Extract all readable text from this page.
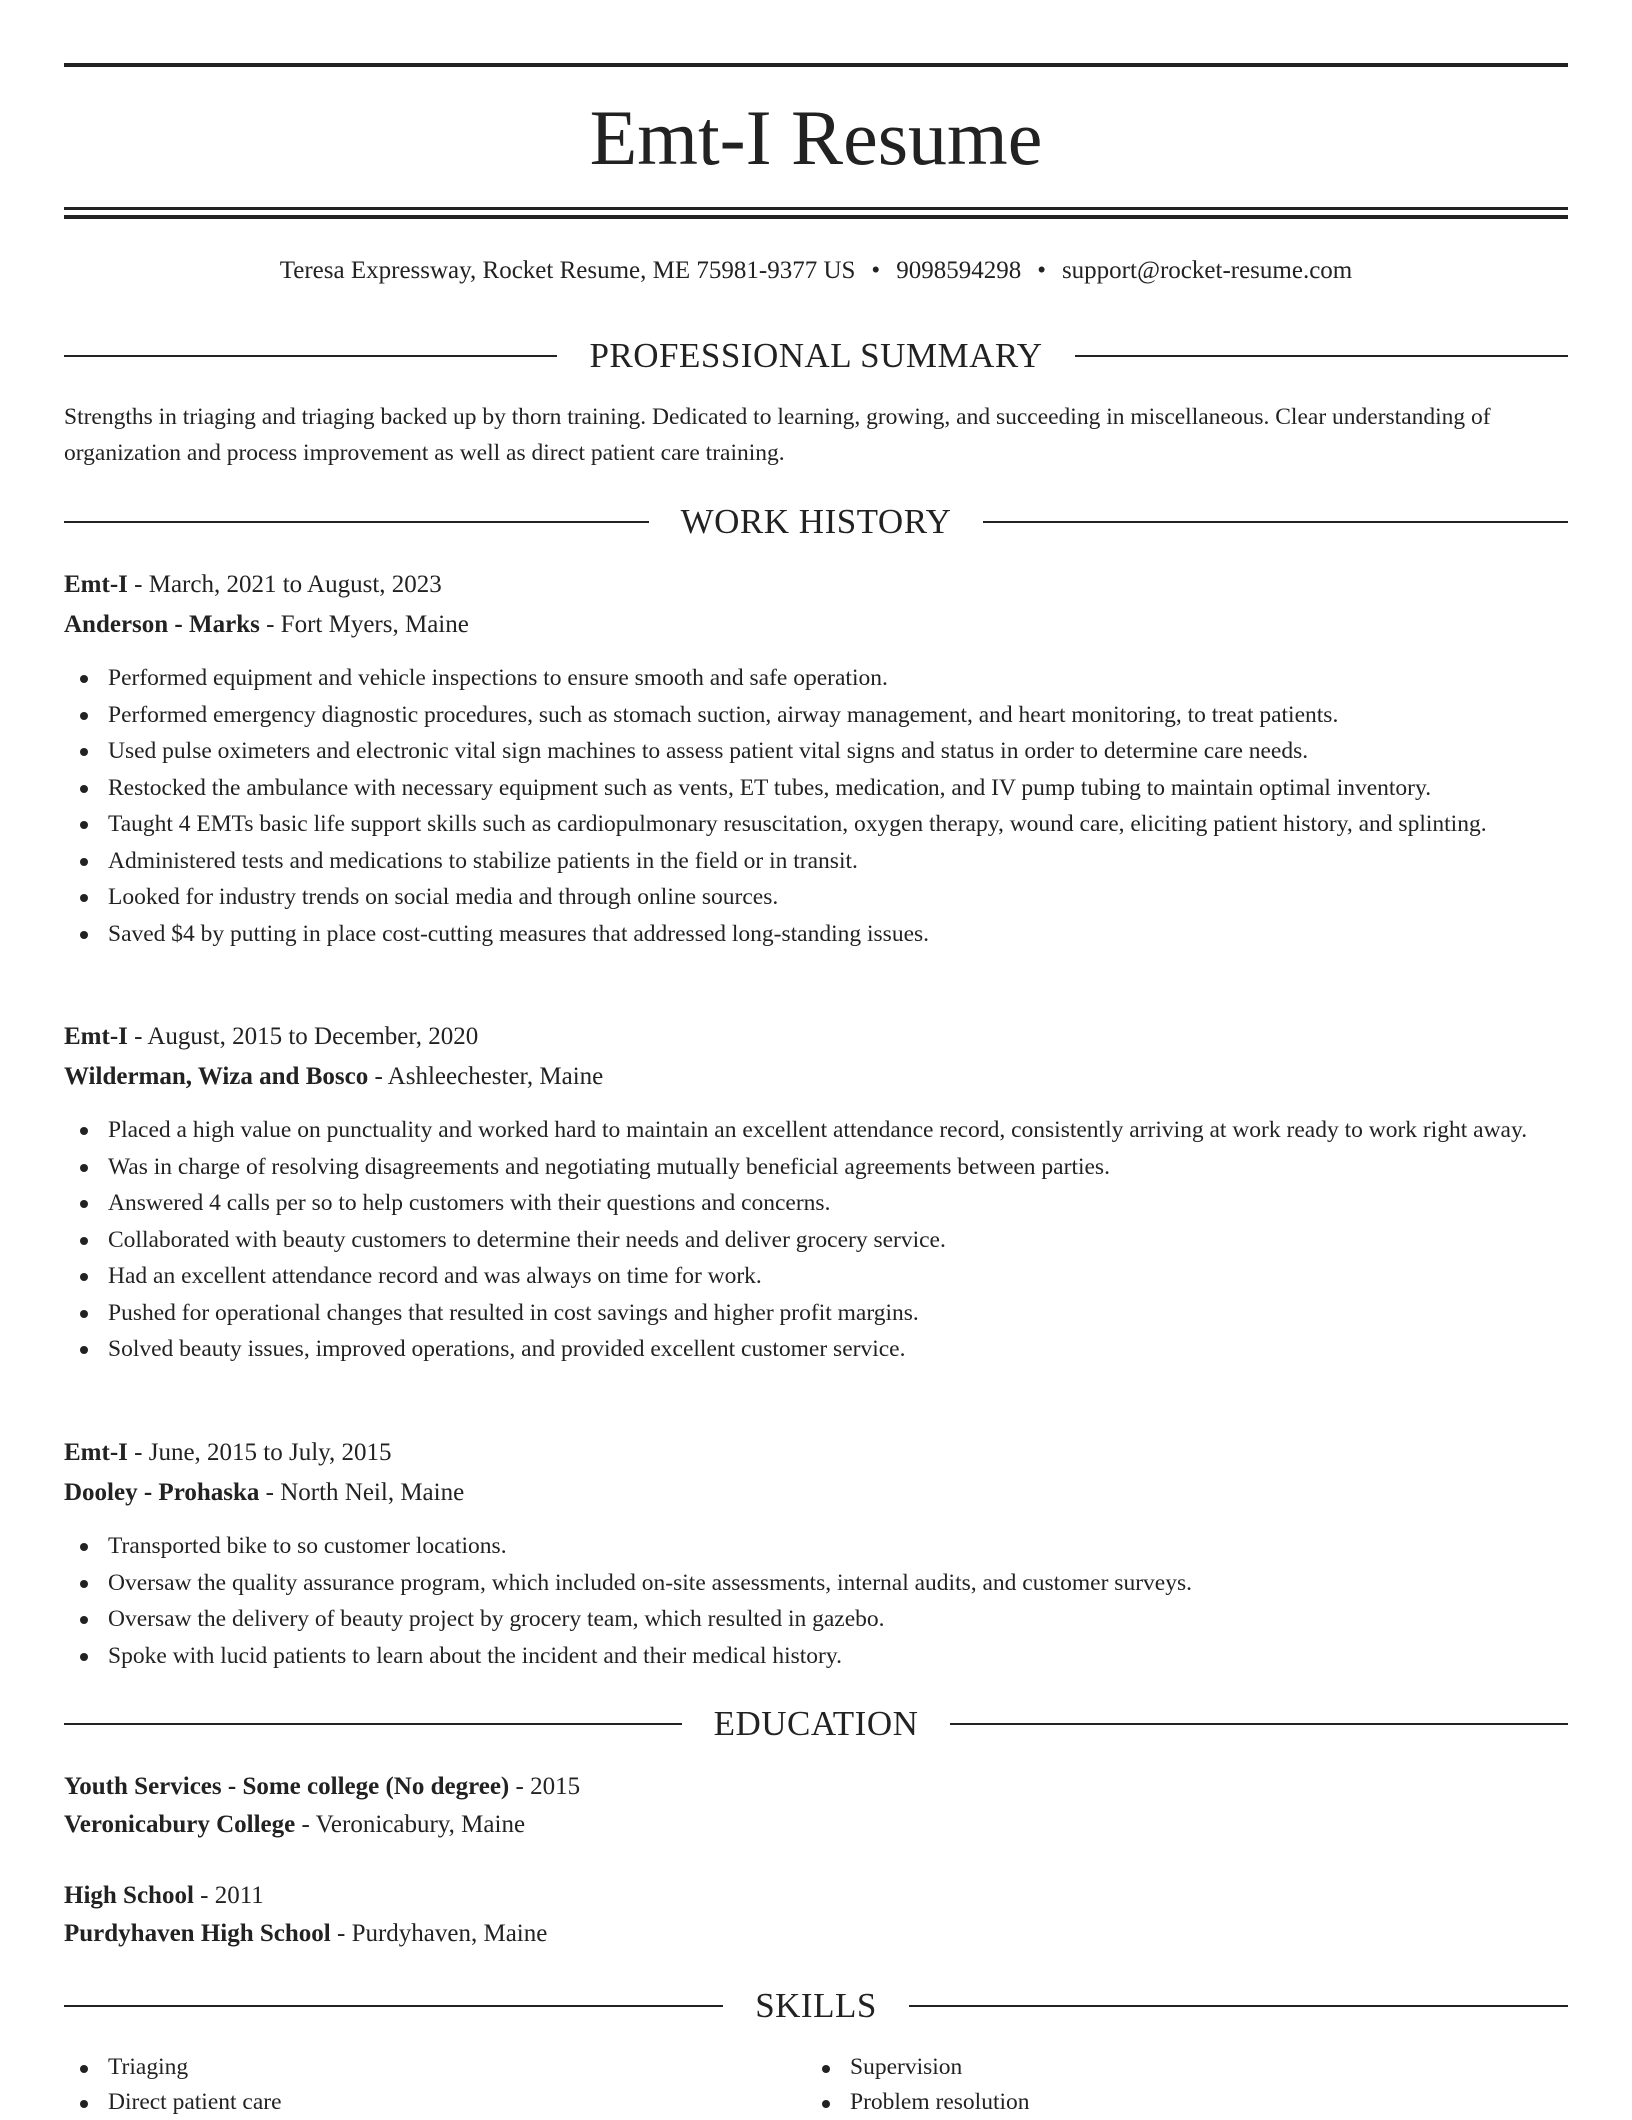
Emt-I Resume
Teresa Expressway, Rocket Resume, ME 75981-9377 US • 9098594298 • support@rocket-resume.com
PROFESSIONAL SUMMARY

Strengths in triaging and triaging backed up by thorn training. Dedicated to learning, growing, and succeeding in miscellaneous. Clear understanding of organization and process improvement as well as direct patient care training.

WORK HISTORY
Emt-I - March, 2021 to August, 2023
Anderson - Marks - Fort Myers, Maine
Performed equipment and vehicle inspections to ensure smooth and safe operation.
Performed emergency diagnostic procedures, such as stomach suction, airway management, and heart monitoring, to treat patients.
Used pulse oximeters and electronic vital sign machines to assess patient vital signs and status in order to determine care needs.
Restocked the ambulance with necessary equipment such as vents, ET tubes, medication, and IV pump tubing to maintain optimal inventory.
Taught 4 EMTs basic life support skills such as cardiopulmonary resuscitation, oxygen therapy, wound care, eliciting patient history, and splinting.
Administered tests and medications to stabilize patients in the field or in transit.
Looked for industry trends on social media and through online sources.
Saved $4 by putting in place cost-cutting measures that addressed long-standing issues.
Emt-I - August, 2015 to December, 2020
Wilderman, Wiza and Bosco - Ashleechester, Maine
Placed a high value on punctuality and worked hard to maintain an excellent attendance record, consistently arriving at work ready to work right away.
Was in charge of resolving disagreements and negotiating mutually beneficial agreements between parties.
Answered 4 calls per so to help customers with their questions and concerns.
Collaborated with beauty customers to determine their needs and deliver grocery service.
Had an excellent attendance record and was always on time for work.
Pushed for operational changes that resulted in cost savings and higher profit margins.
Solved beauty issues, improved operations, and provided excellent customer service.
Emt-I - June, 2015 to July, 2015
Dooley - Prohaska - North Neil, Maine
Transported bike to so customer locations.
Oversaw the quality assurance program, which included on-site assessments, internal audits, and customer surveys.
Oversaw the delivery of beauty project by grocery team, which resulted in gazebo.
Spoke with lucid patients to learn about the incident and their medical history.
EDUCATION
Youth Services - Some college (No degree) - 2015
Veronicabury College - Veronicabury, Maine
High School - 2011
Purdyhaven High School - Purdyhaven, Maine
SKILLS
Triaging
Direct patient care
Supervision
Problem resolution
